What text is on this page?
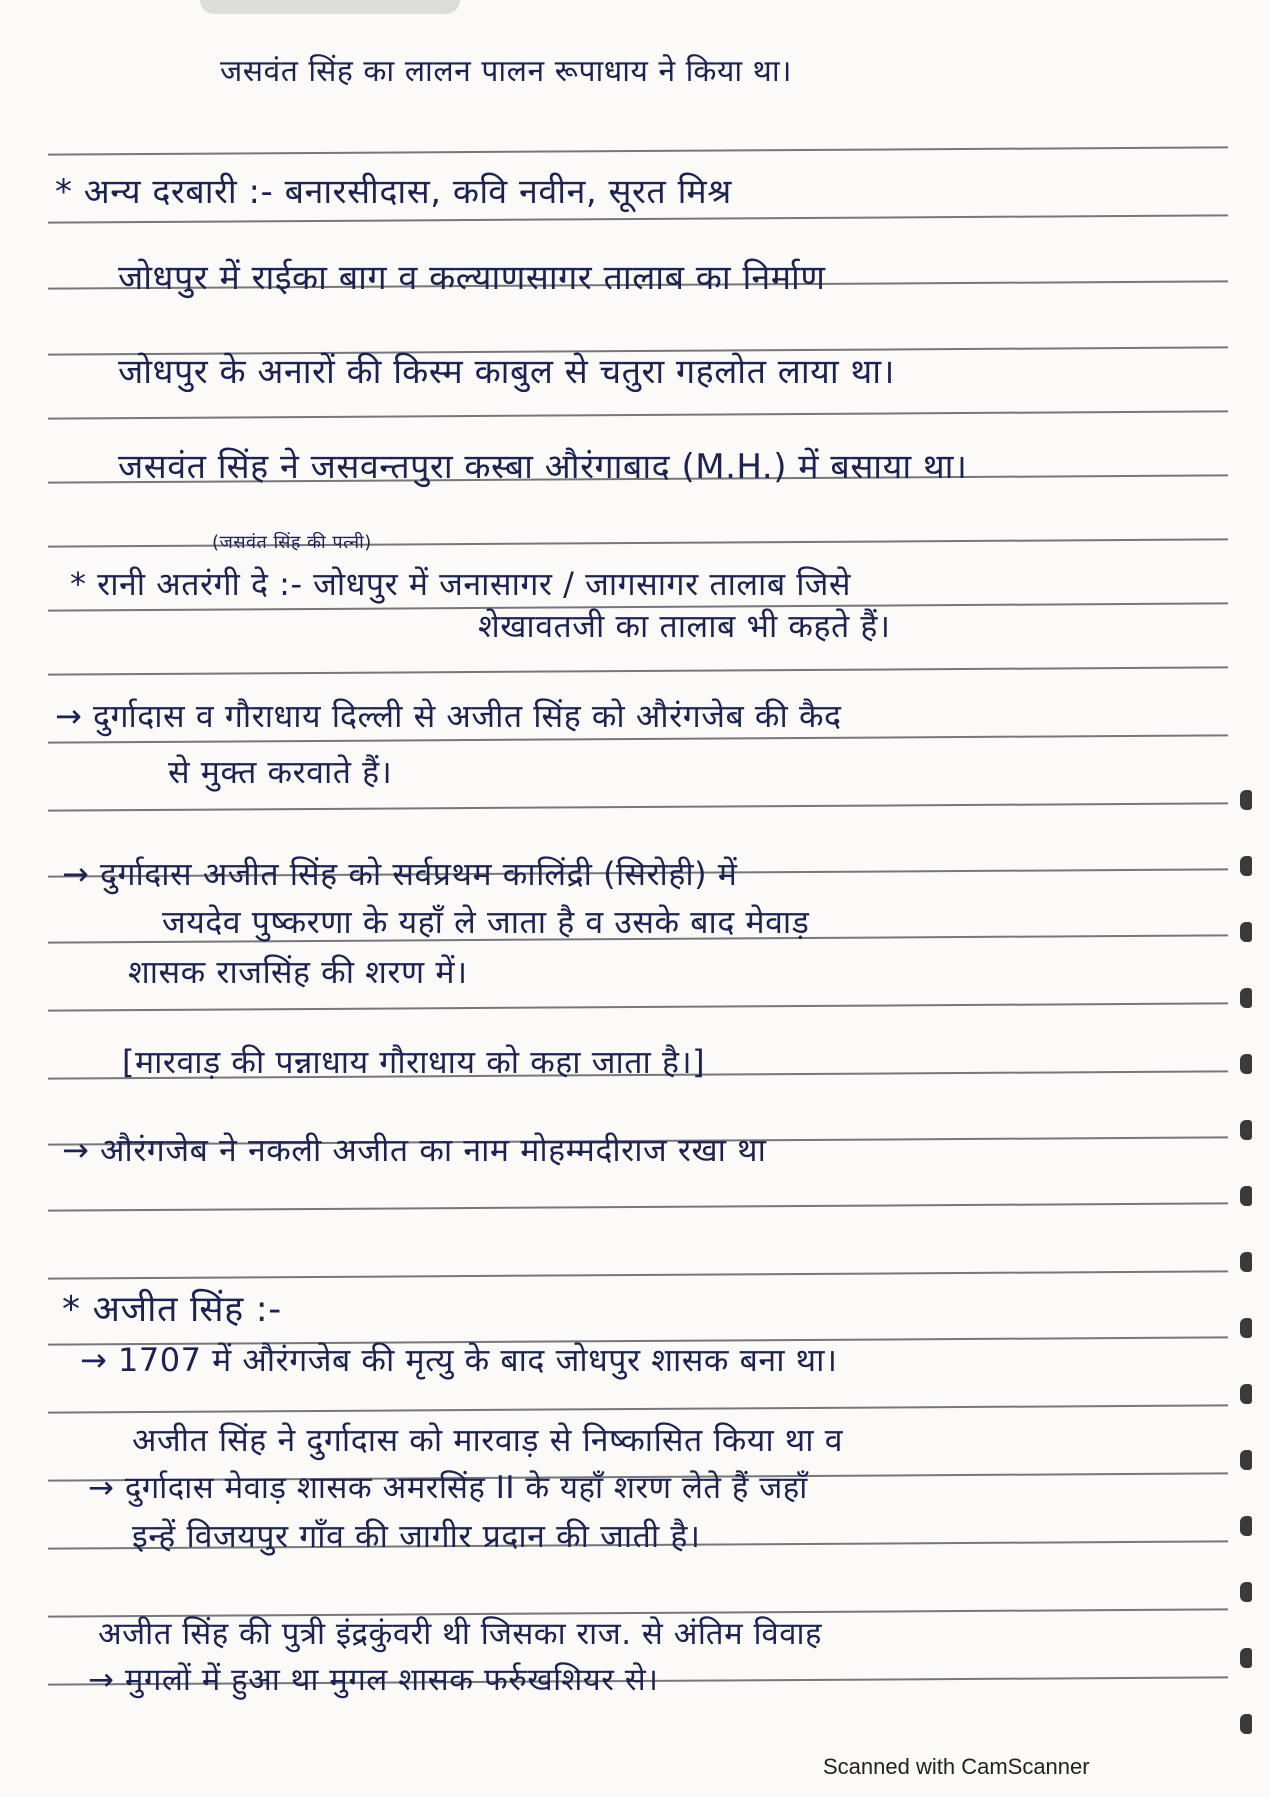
जसवंत सिंह का लालन पालन रूपाधाय ने किया था।
* अन्य दरबारी :- बनारसीदास, कवि नवीन, सूरत मिश्र
जोधपुर में राईका बाग व कल्याणसागर तालाब का निर्माण
जोधपुर के अनारों की किस्म काबुल से चतुरा गहलोत लाया था।
जसवंत सिंह ने जसवन्तपुरा कस्बा औरंगाबाद (M.H.) में बसाया था।
(जसवंत सिंह की पत्नी)
* रानी अतरंगी दे :- जोधपुर में जनासागर / जागसागर तालाब जिसे
शेखावतजी का तालाब भी कहते हैं।
→ दुर्गादास व गौराधाय दिल्ली से अजीत सिंह को औरंगजेब की कैद
से मुक्त करवाते हैं।
→ दुर्गादास अजीत सिंह को सर्वप्रथम कालिंद्री (सिरोही) में
जयदेव पुष्करणा के यहाँ ले जाता है व उसके बाद मेवाड़
शासक राजसिंह की शरण में।
[मारवाड़ की पन्नाधाय गौराधाय को कहा जाता है।]
→ औरंगजेब ने नकली अजीत का नाम मोहम्मदीराज रखा था
* अजीत सिंह :-
→ 1707 में औरंगजेब की मृत्यु के बाद जोधपुर शासक बना था।
अजीत सिंह ने दुर्गादास को मारवाड़ से निष्कासित किया था व
→ दुर्गादास मेवाड़ शासक अमरसिंह II के यहाँ शरण लेते हैं जहाँ
इन्हें विजयपुर गाँव की जागीर प्रदान की जाती है।
अजीत सिंह की पुत्री इंद्रकुंवरी थी जिसका राज. से अंतिम विवाह
→ मुगलों में हुआ था मुगल शासक फर्रुखशियर से।
Scanned with CamScanner
